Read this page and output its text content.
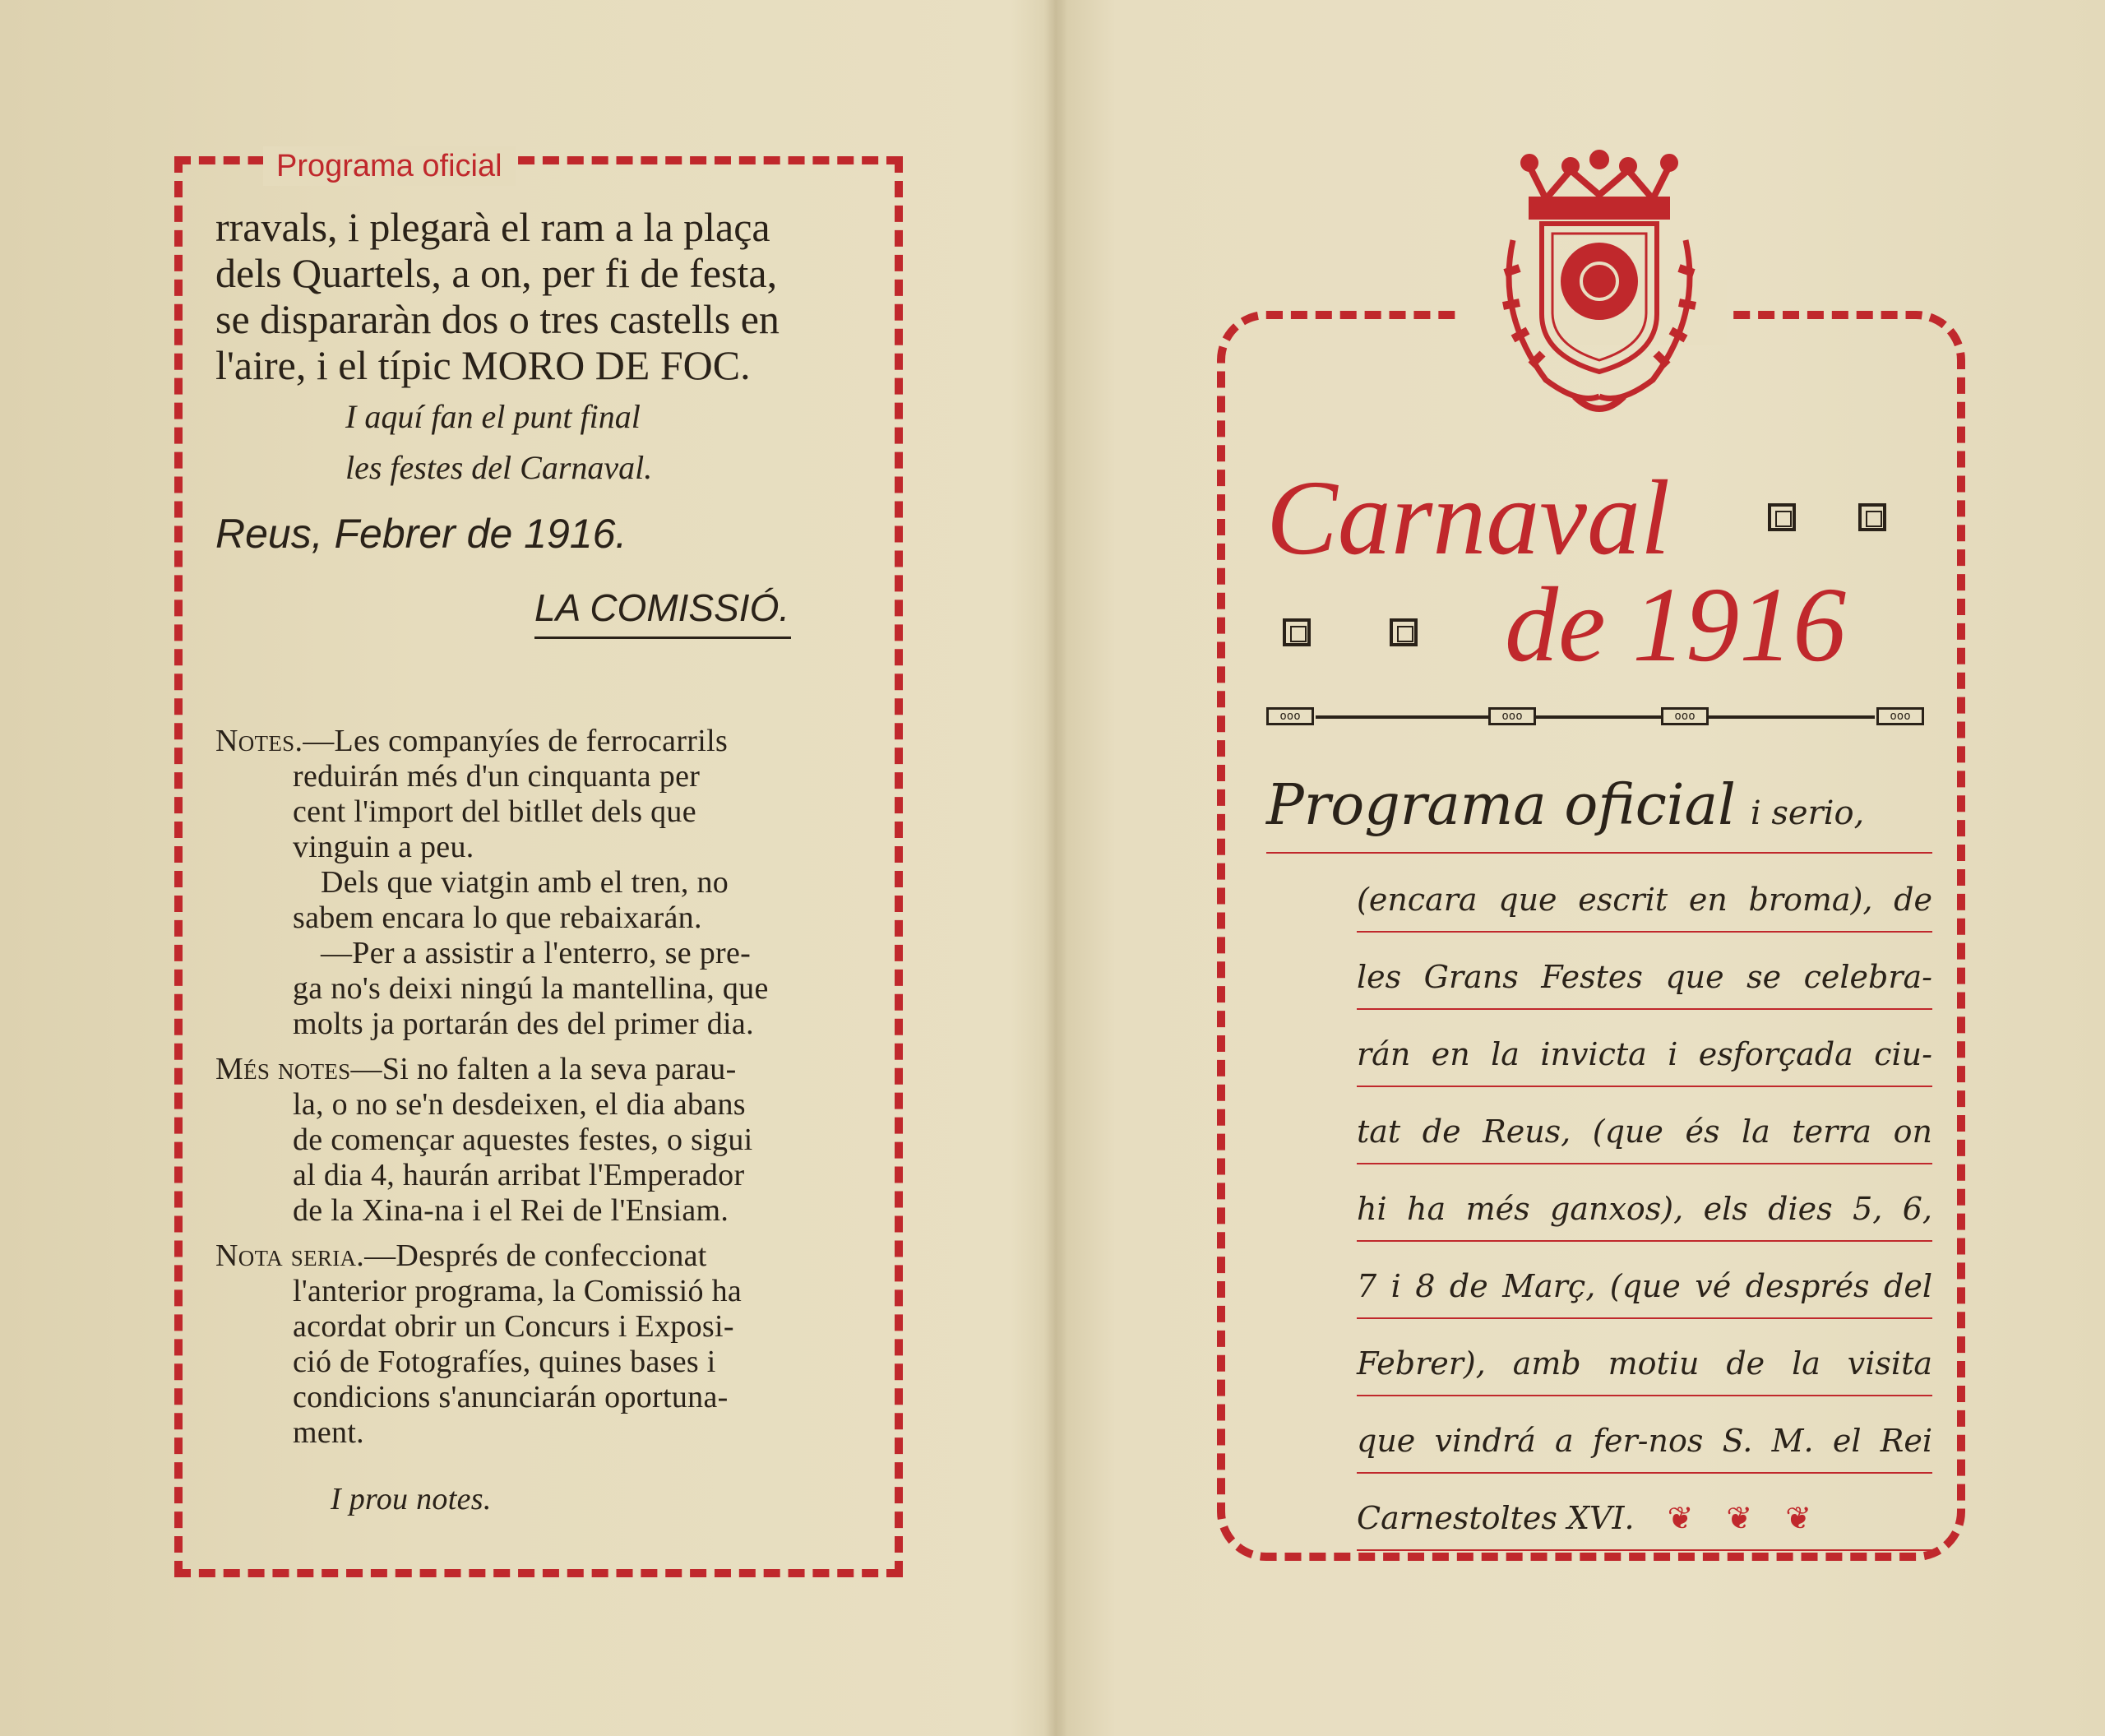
Programa oficial
rravals, i plegarà el ram a la plaça
dels Quartels, a on, per fi de festa,
se dispararàn dos o tres castells en
l'aire, i el típic MORO DE FOC.
I aquí fan el punt final
les festes del Carnaval.
Reus, Febrer de 1916.
LA COMISSIÓ.

Notes.—Les companyíes de ferrocarrils

reduirán més d'un cinquanta per

cent l'import del bitllet dels que

vinguin a peu.

Dels que viatgin amb el tren, no

sabem encara lo que rebaixarán.

—Per a assistir a l'enterro, se pre-

ga no's deixi ningú la mantellina, que

molts ja portarán des del primer dia.

Més notes—Si no falten a la seva parau-

la, o no se'n desdeixen, el dia abans

de començar aquestes festes, o sigui

al dia 4, haurán arribat l'Emperador

de la Xina-na i el Rei de l'Ensiam.

Nota seria.—Després de confeccionat

l'anterior programa, la Comissió ha

acordat obrir un Concurs i Exposi-

ció de Fotografíes, quines bases i

condicions s'anunciarán oportuna-

ment.

I prou notes.

Carnaval
de 1916
ooo	ooo	ooo	ooo
Programa oficial i serio,
(encara que escrit en broma), de
les Grans Festes que se celebra-
rán en la invicta i esforçada ciu-
tat de Reus, (que és la terra on
hi ha més ganxos), els dies 5, 6,
7 i 8 de Març, (que vé després del
Febrer), amb motiu de la visita
que vindrá a fer-nos S. M. el Rei
Carnestoltes XVI. ❦❦❦
